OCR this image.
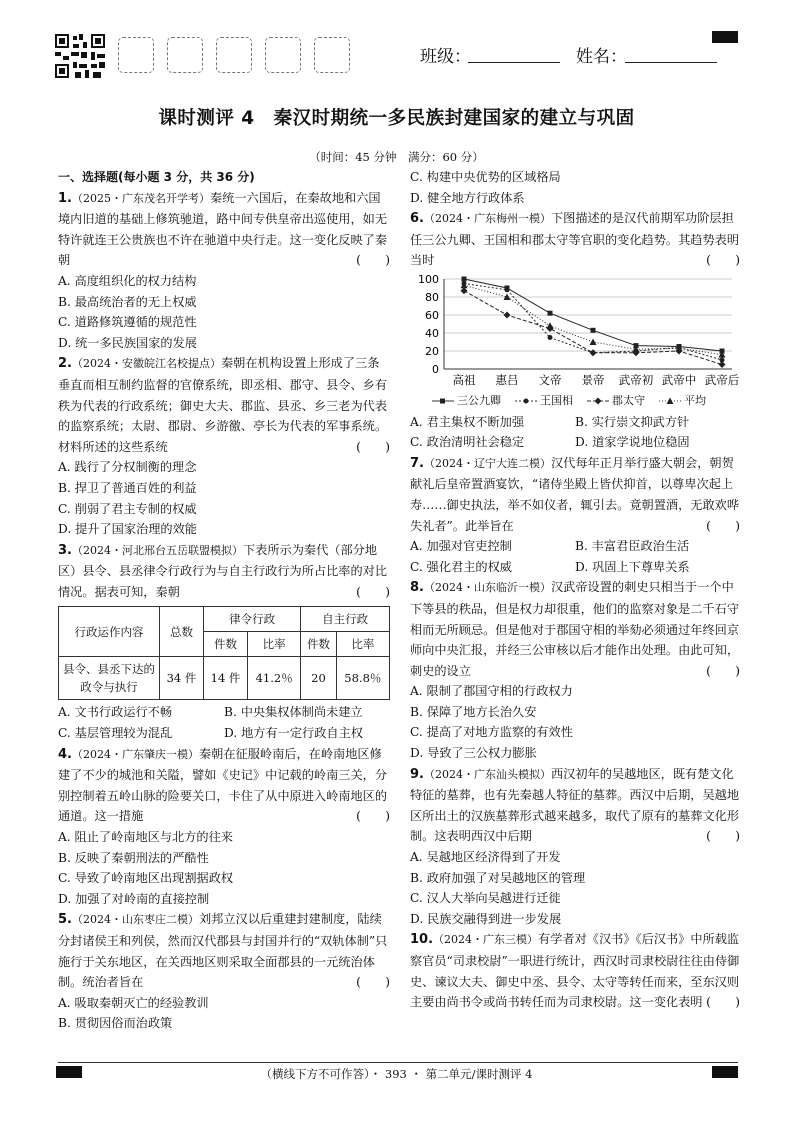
班级：	姓名：
课时测评 4　秦汉时期统一多民族封建国家的建立与巩固
（时间：45 分钟　满分：60 分）
一、选择题(每小题 3 分，共 36 分)
1.（2025・广东茂名开学考）秦统一六国后，在秦故地和六国境内旧道的基础上修筑驰道，路中间专供皇帝出巡使用，如无特许就连王公贵族也不许在驰道中央行走。这一变化反映了秦朝	(　　)
A. 高度组织化的权力结构
B. 最高统治者的无上权威
C. 道路修筑遵循的规范性
D. 统一多民族国家的发展
2.（2024・安徽皖江名校提点）秦朝在机构设置上形成了三条垂直而相互制约监督的官僚系统，即丞相、郡守、县令、乡有秩为代表的行政系统；御史大夫、郡监、县丞、乡三老为代表的监察系统；太尉、郡尉、乡游徼、亭长为代表的军事系统。材料所述的这些系统	(　　)
A. 践行了分权制衡的理念
B. 捍卫了普通百姓的利益
C. 削弱了君主专制的权威
D. 提升了国家治理的效能
3.（2024・河北邢台五岳联盟模拟）下表所示为秦代（部分地区）县令、县丞律令行政行为与自主行政行为所占比率的对比情况。据表可知，秦朝	(　　)
行政运作内容	总数	律令行政		自主行政	
		件数	比率	件数	比率
县令、县丞下达的政令与执行	34 件	14 件	41.2％	20	58.8％
A. 文书行政运行不畅	B. 中央集权体制尚未建立
C. 基层管理较为混乱	D. 地方有一定行政自主权
4.（2024・广东肇庆一模）秦朝在征服岭南后，在岭南地区修建了不少的城池和关隘，譬如《史记》中记载的岭南三关，分别控制着五岭山脉的险要关口，卡住了从中原进入岭南地区的通道。这一措施	(　　)
A. 阻止了岭南地区与北方的往来
B. 反映了秦朝刑法的严酷性
C. 导致了岭南地区出现割据政权
D. 加强了对岭南的直接控制
5.（2024・山东枣庄二模）刘邦立汉以后重建封建制度，陆续分封诸侯王和列侯，然而汉代郡县与封国并行的“双轨体制”只施行于关东地区，在关西地区则采取全面郡县的一元统治体制。统治者旨在	(　　)
A. 吸取秦朝灭亡的经验教训
B. 贯彻因俗而治政策
C. 构建中央优势的区域格局
D. 健全地方行政体系
6.（2024・广东梅州一模）下图描述的是汉代前期军功阶层担任三公九卿、王国相和郡太守等官职的变化趋势。其趋势表明当时	(　　)
0
20
40
60
80
100
高祖 惠吕 文帝 景帝 武帝初 武帝中 武帝后
三公九卿	王国相	郡太守	平均
A. 君主集权不断加强	B. 实行崇文抑武方针
C. 政治清明社会稳定	D. 道家学说地位稳固
7.（2024・辽宁大连二模）汉代每年正月举行盛大朝会，朝贺献礼后皇帝置酒宴饮，“诸侍坐殿上皆伏抑首，以尊卑次起上寿……御史执法，举不如仪者，辄引去。竟朝置酒，无敢欢哗失礼者”。此举旨在	(　　)
A. 加强对官吏控制	B. 丰富君臣政治生活
C. 强化君主的权威	D. 巩固上下尊卑关系
8.（2024・山东临沂一模）汉武帝设置的刺史只相当于一个中下等县的秩品，但是权力却很重，他们的监察对象是二千石守相而无所顾忌。但是他对于郡国守相的举劾必须通过年终回京师向中央汇报，并经三公审核以后才能作出处理。由此可知，刺史的设立	(　　)
A. 限制了郡国守相的行政权力
B. 保障了地方长治久安
C. 提高了对地方监察的有效性
D. 导致了三公权力膨胀
9.（2024・广东汕头模拟）西汉初年的吴越地区，既有楚文化特征的墓葬，也有先秦越人特征的墓葬。西汉中后期，吴越地区所出土的汉族墓葬形式越来越多，取代了原有的墓葬文化形制。这表明西汉中后期	(　　)
A. 吴越地区经济得到了开发
B. 政府加强了对吴越地区的管理
C. 汉人大举向吴越进行迁徙
D. 民族交融得到进一步发展
10.（2024・广东三模）有学者对《汉书》《后汉书》中所载监察官员“司隶校尉”一职进行统计，西汉时司隶校尉往往由侍御史、谏议大夫、御史中丞、县令、太守等转任而来，至东汉则主要由尚书令或尚书转任而为司隶校尉。这一变化表明 (　　)
（横线下方不可作答）・ 393 ・ 第二单元/课时测评 4
